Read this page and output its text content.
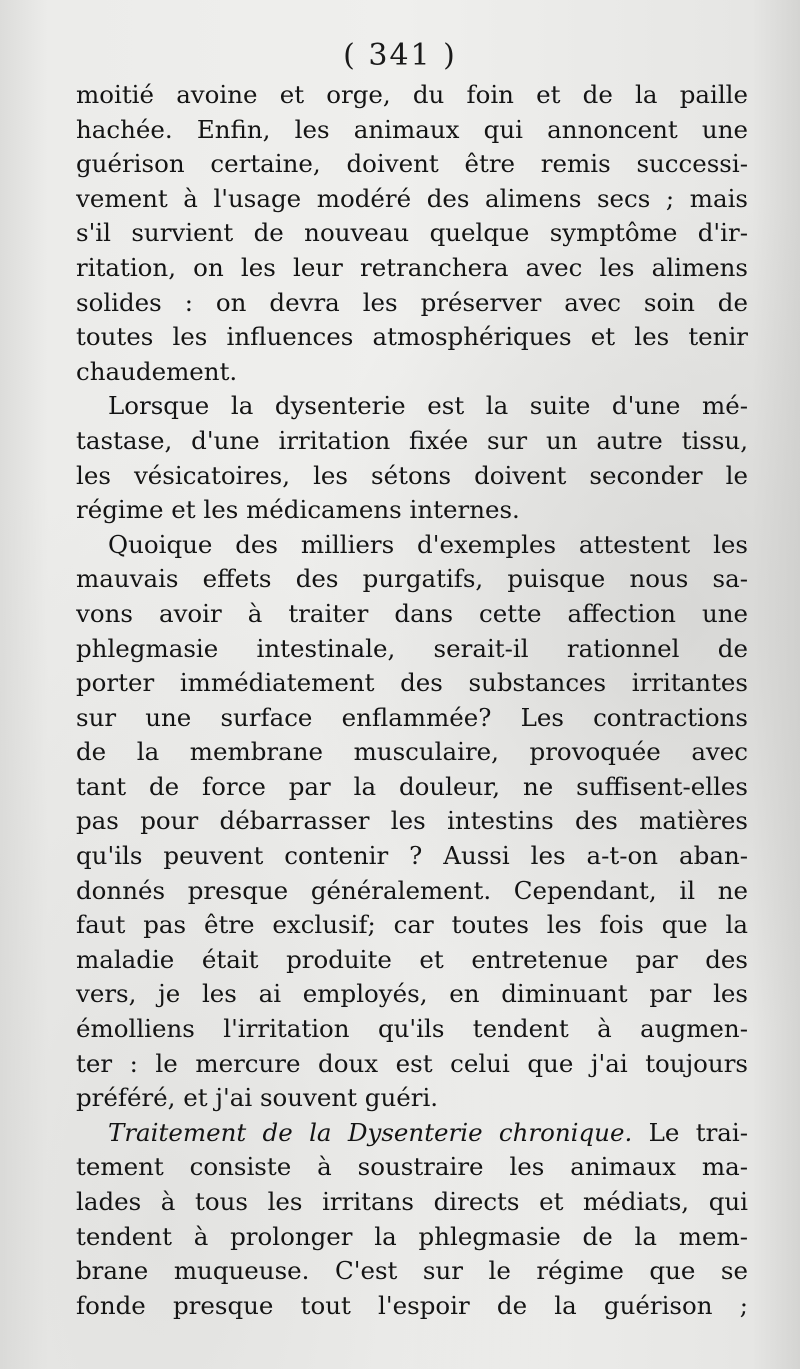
( 341 )
moitié avoine et orge, du foin et de la paille
hachée. Enfin, les animaux qui annoncent une
guérison certaine, doivent être remis successi-
vement à l'usage modéré des alimens secs ; mais
s'il survient de nouveau quelque symptôme d'ir-
ritation, on les leur retranchera avec les alimens
solides : on devra les préserver avec soin de
toutes les influences atmosphériques et les tenir
chaudement.
Lorsque la dysenterie est la suite d'une mé-
tastase, d'une irritation fixée sur un autre tissu,
les vésicatoires, les sétons doivent seconder le
régime et les médicamens internes.
Quoique des milliers d'exemples attestent les
mauvais effets des purgatifs, puisque nous sa-
vons avoir à traiter dans cette affection une
phlegmasie intestinale, serait-il rationnel de
porter immédiatement des substances irritantes
sur une surface enflammée? Les contractions
de la membrane musculaire, provoquée avec
tant de force par la douleur, ne suffisent-elles
pas pour débarrasser les intestins des matières
qu'ils peuvent contenir ? Aussi les a-t-on aban-
donnés presque généralement. Cependant, il ne
faut pas être exclusif; car toutes les fois que la
maladie était produite et entretenue par des
vers, je les ai employés, en diminuant par les
émolliens l'irritation qu'ils tendent à augmen-
ter : le mercure doux est celui que j'ai toujours
préféré, et j'ai souvent guéri.
Traitement de la Dysenterie chronique. Le trai-
tement consiste à soustraire les animaux ma-
lades à tous les irritans directs et médiats, qui
tendent à prolonger la phlegmasie de la mem-
brane muqueuse. C'est sur le régime que se
fonde presque tout l'espoir de la guérison ;
